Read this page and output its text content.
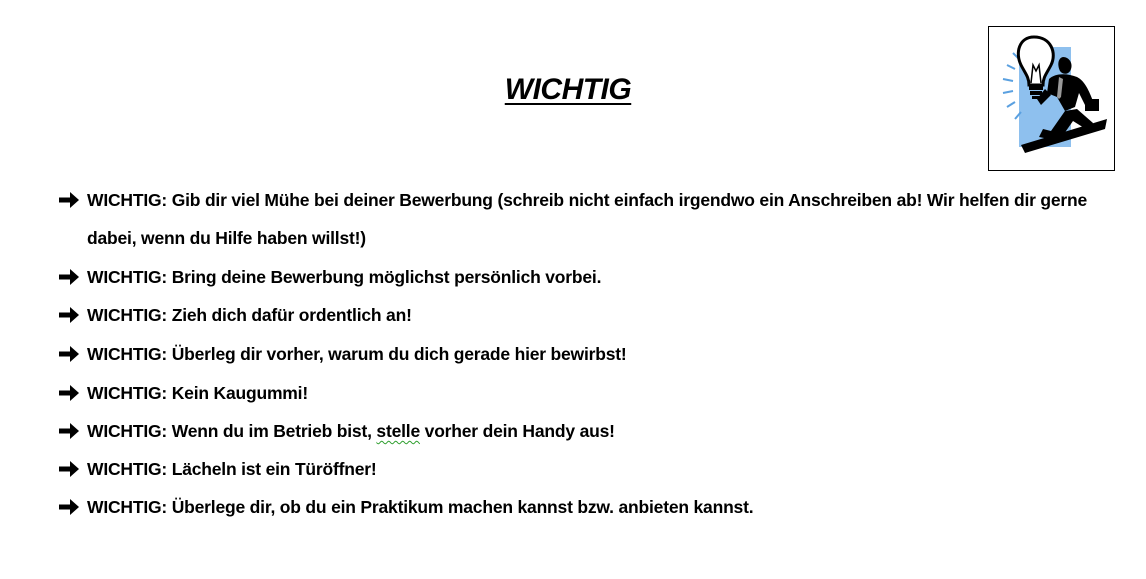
WICHTIG
WICHTIG: Gib dir viel Mühe bei deiner Bewerbung (schreib nicht einfach irgendwo ein Anschreiben ab! Wir helfen dir gerne dabei, wenn du Hilfe haben willst!)
WICHTIG: Bring deine Bewerbung möglichst persönlich vorbei.
WICHTIG: Zieh dich dafür ordentlich an!
WICHTIG: Überleg dir vorher, warum du dich gerade hier bewirbst!
WICHTIG: Kein Kaugummi!
WICHTIG: Wenn du im Betrieb bist, stelle vorher dein Handy aus!
WICHTIG: Lächeln ist ein Türöffner!
WICHTIG: Überlege dir, ob du ein Praktikum machen kannst bzw. anbieten kannst.
